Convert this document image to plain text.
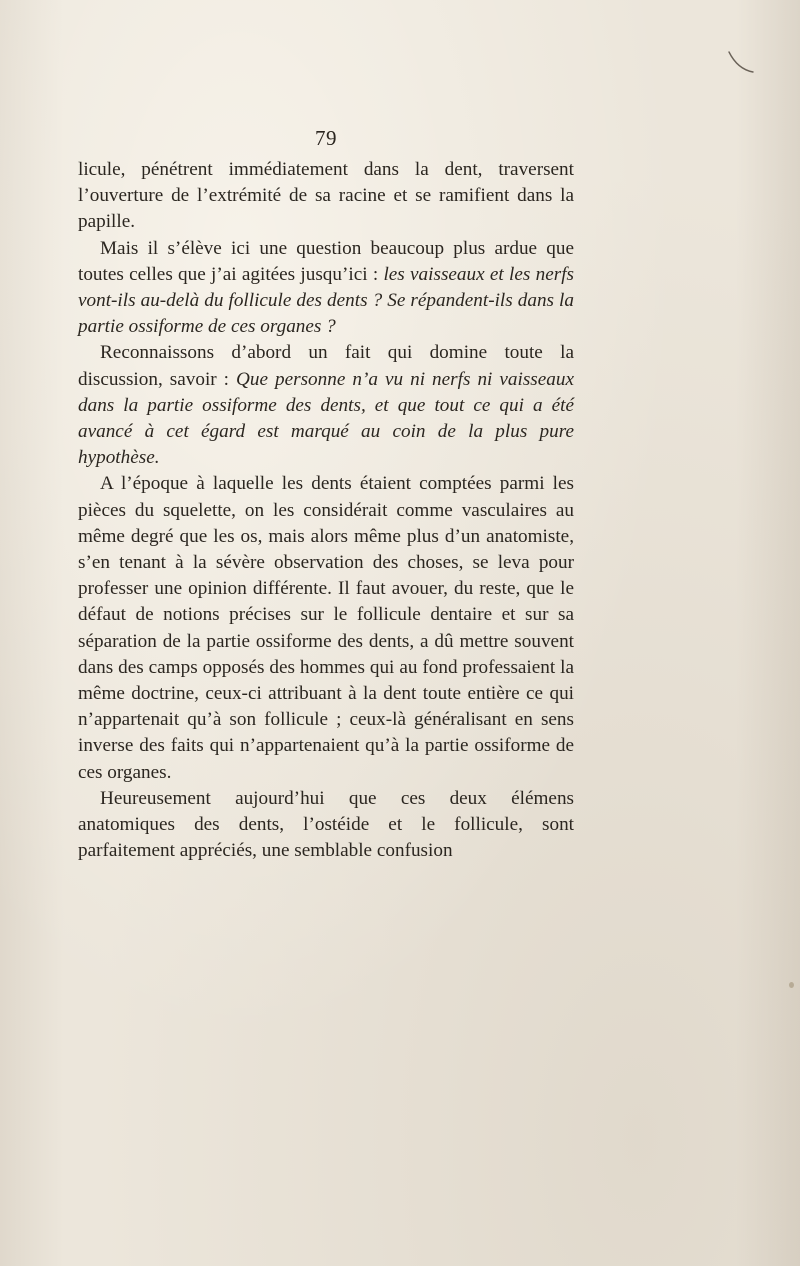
79
licule, pénétrent immédiatement dans la dent, traversent l’ouverture de l’extrémité de sa racine et se ramifient dans la papille.
Mais il s’élève ici une question beaucoup plus ardue que toutes celles que j’ai agitées jusqu’ici : les vaisseaux et les nerfs vont-ils au-delà du follicule des dents ? Se répandent-ils dans la partie ossiforme de ces organes ?
Reconnaissons d’abord un fait qui domine toute la discussion, savoir : Que personne n’a vu ni nerfs ni vaisseaux dans la partie ossiforme des dents, et que tout ce qui a été avancé à cet égard est marqué au coin de la plus pure hypothèse.
A l’époque à laquelle les dents étaient comptées parmi les pièces du squelette, on les considérait comme vasculaires au même degré que les os, mais alors même plus d’un anatomiste, s’en tenant à la sévère observation des choses, se leva pour professer une opinion différente. Il faut avouer, du reste, que le défaut de notions précises sur le follicule dentaire et sur sa séparation de la partie ossiforme des dents, a dû mettre souvent dans des camps opposés des hommes qui au fond professaient la même doctrine, ceux-ci attribuant à la dent toute entière ce qui n’appartenait qu’à son follicule ; ceux-là généralisant en sens inverse des faits qui n’appartenaient qu’à la partie ossiforme de ces organes.
Heureusement aujourd’hui que ces deux élémens anatomiques des dents, l’ostéide et le follicule, sont parfaitement appréciés, une semblable confusion
